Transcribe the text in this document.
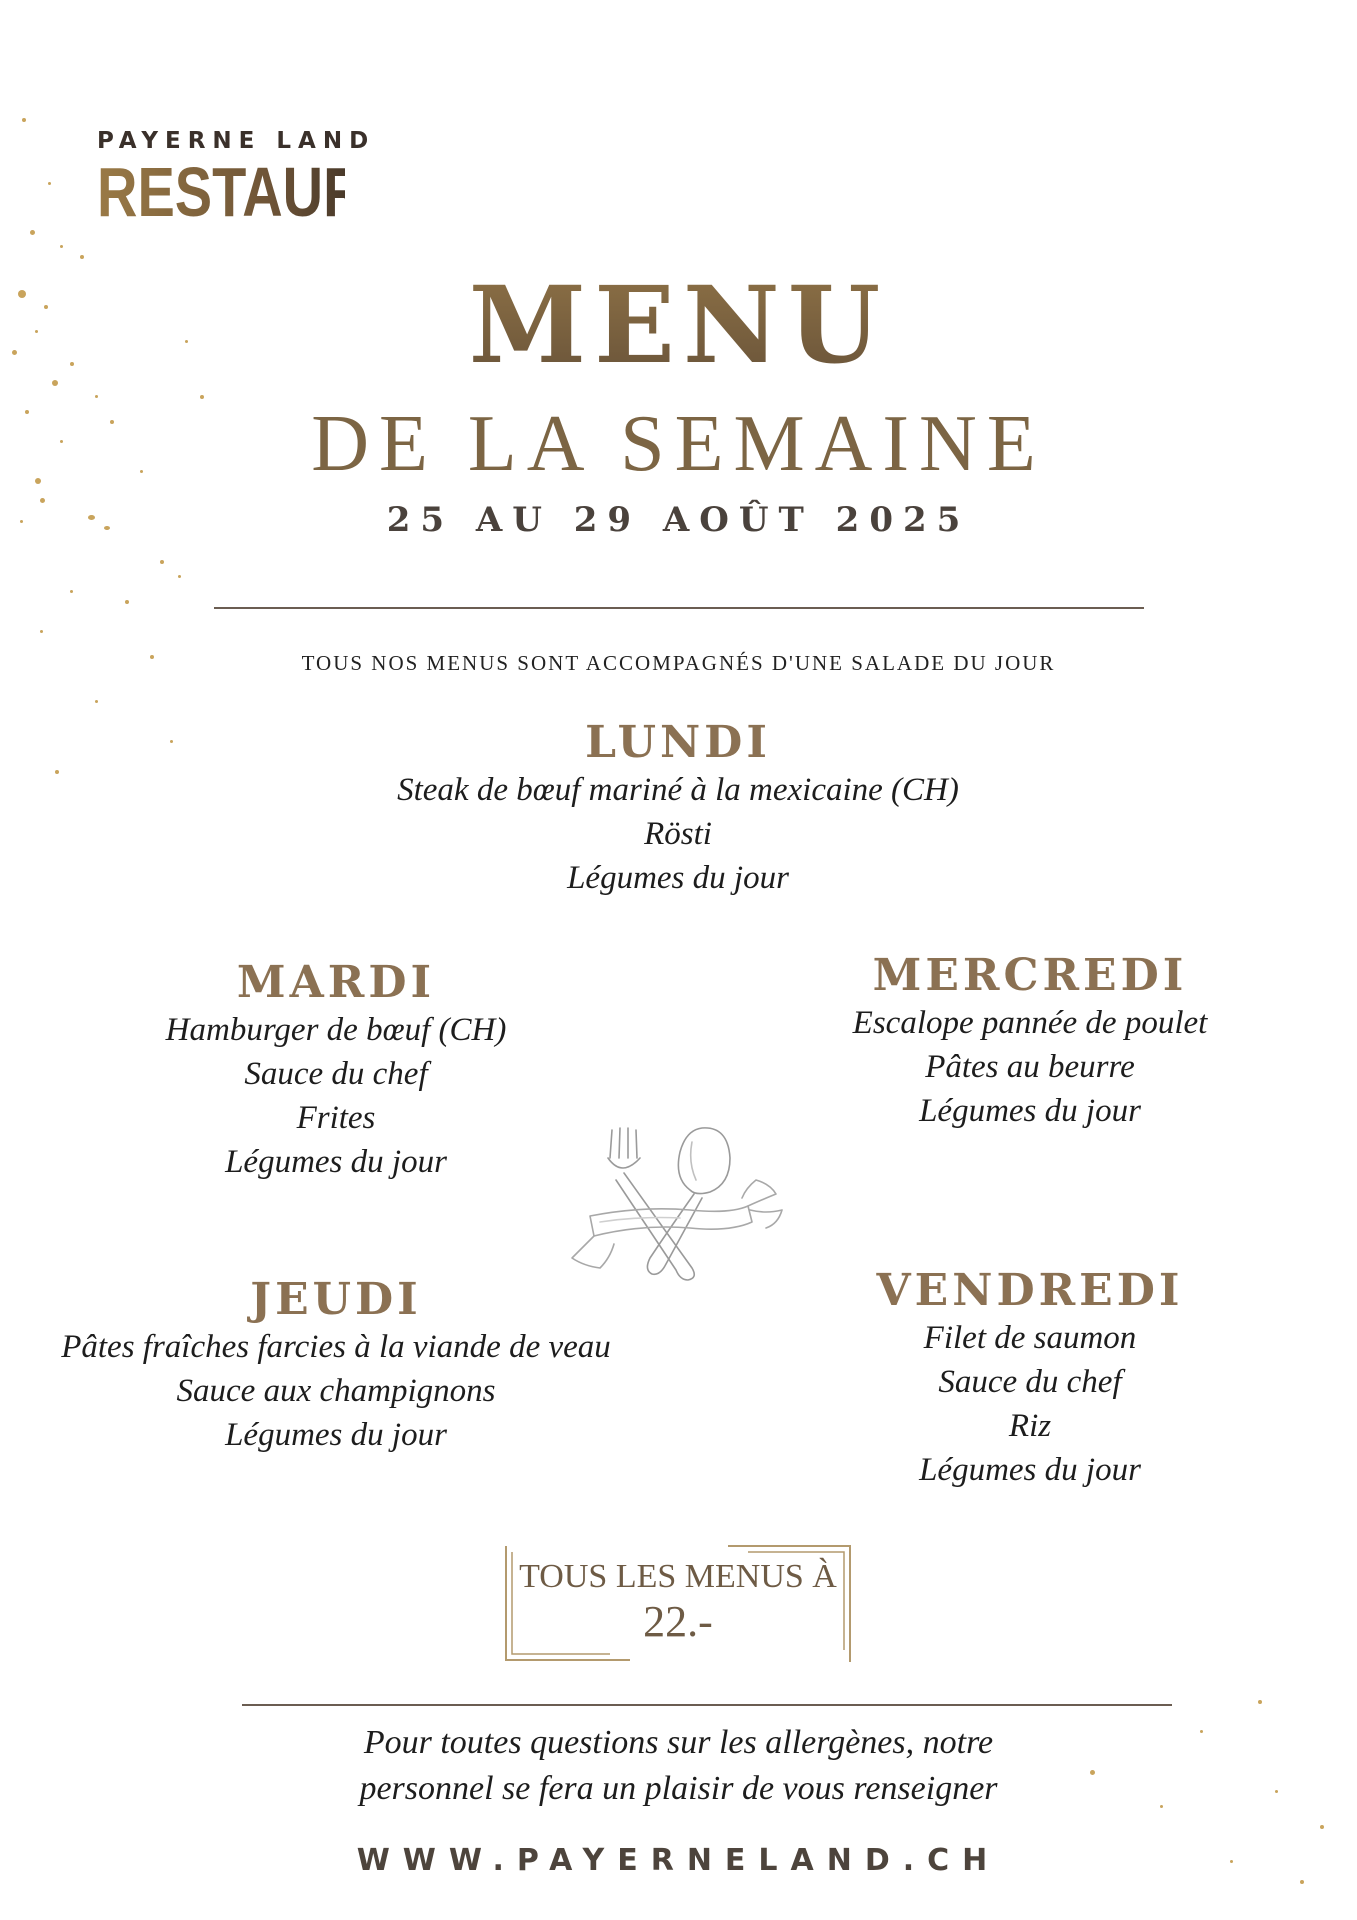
PAYERNE LAND
RESTAURANT
MENU
DE LA SEMAINE
25 AU 29 AOÛT 2025
TOUS NOS MENUS SONT ACCOMPAGNÉS D'UNE SALADE DU JOUR
LUNDI
Steak de bœuf mariné à la mexicaine (CH)
Rösti
Légumes du jour
MARDI
Hamburger de bœuf (CH)
Sauce du chef
Frites
Légumes du jour
MERCREDI
Escalope pannée de poulet
Pâtes au beurre
Légumes du jour
JEUDI
Pâtes fraîches farcies à la viande de veau
Sauce aux champignons
Légumes du jour
VENDREDI
Filet de saumon
Sauce du chef
Riz
Légumes du jour
TOUS LES MENUS À
22.-
Pour toutes questions sur les allergènes, notre
personnel se fera un plaisir de vous renseigner
WWW.PAYERNELAND.CH
